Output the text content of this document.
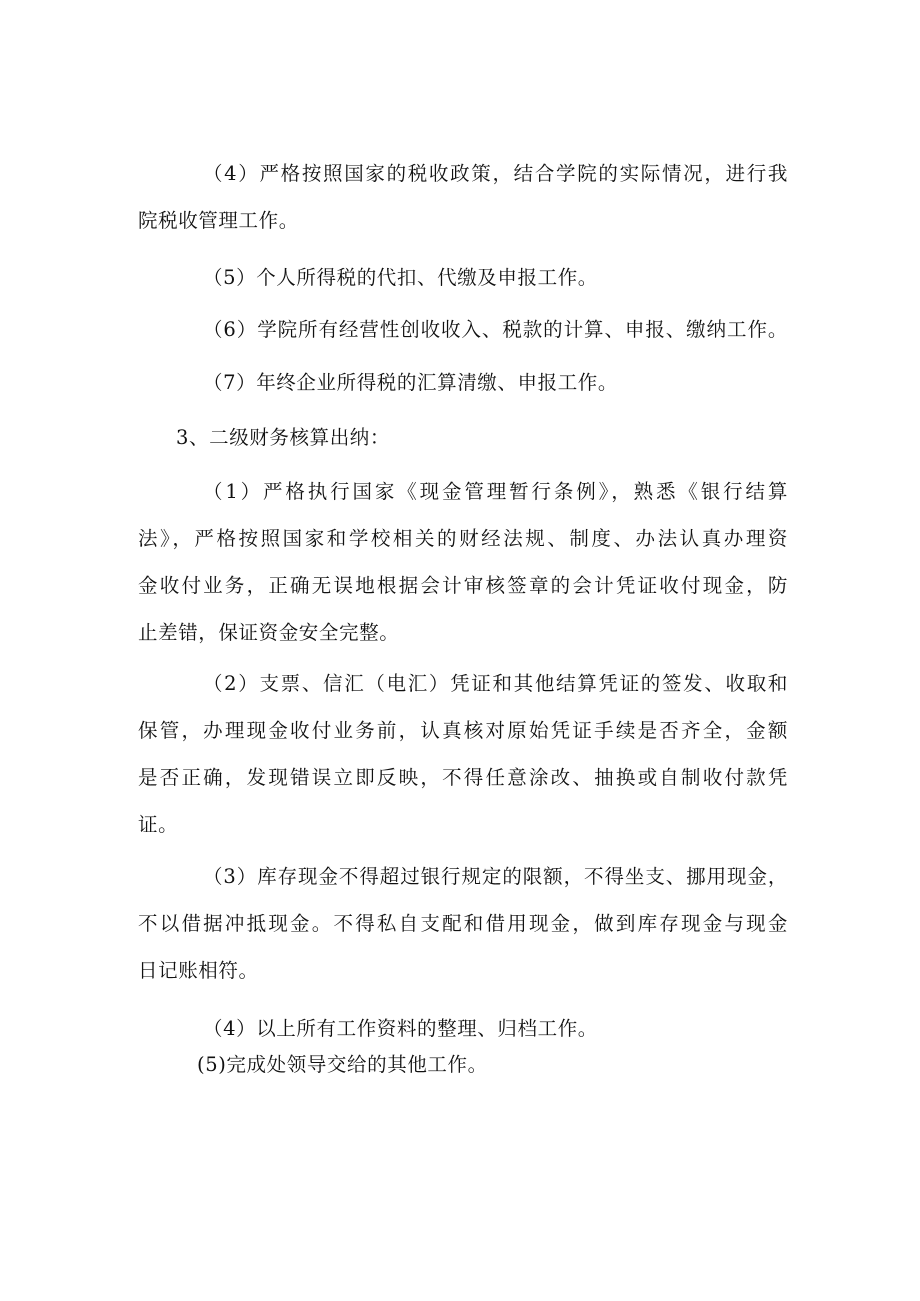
（4）严格按照国家的税收政策，结合学院的实际情况，进行我
院税收管理工作。
（5）个人所得税的代扣、代缴及申报工作。
（6）学院所有经营性创收收入、税款的计算、申报、缴纳工作。
（7）年终企业所得税的汇算清缴、申报工作。
3、二级财务核算出纳：
（1）严格执行国家《现金管理暂行条例》，熟悉《银行结算
法》，严格按照国家和学校相关的财经法规、制度、办法认真办理资
金收付业务，正确无误地根据会计审核签章的会计凭证收付现金，防
止差错，保证资金安全完整。
（2）支票、信汇（电汇）凭证和其他结算凭证的签发、收取和
保管，办理现金收付业务前，认真核对原始凭证手续是否齐全，金额
是否正确，发现错误立即反映，不得任意涂改、抽换或自制收付款凭
证。
（3）库存现金不得超过银行规定的限额，不得坐支、挪用现金，
不以借据冲抵现金。不得私自支配和借用现金，做到库存现金与现金
日记账相符。
（4）以上所有工作资料的整理、归档工作。
(5)完成处领导交给的其他工作。
